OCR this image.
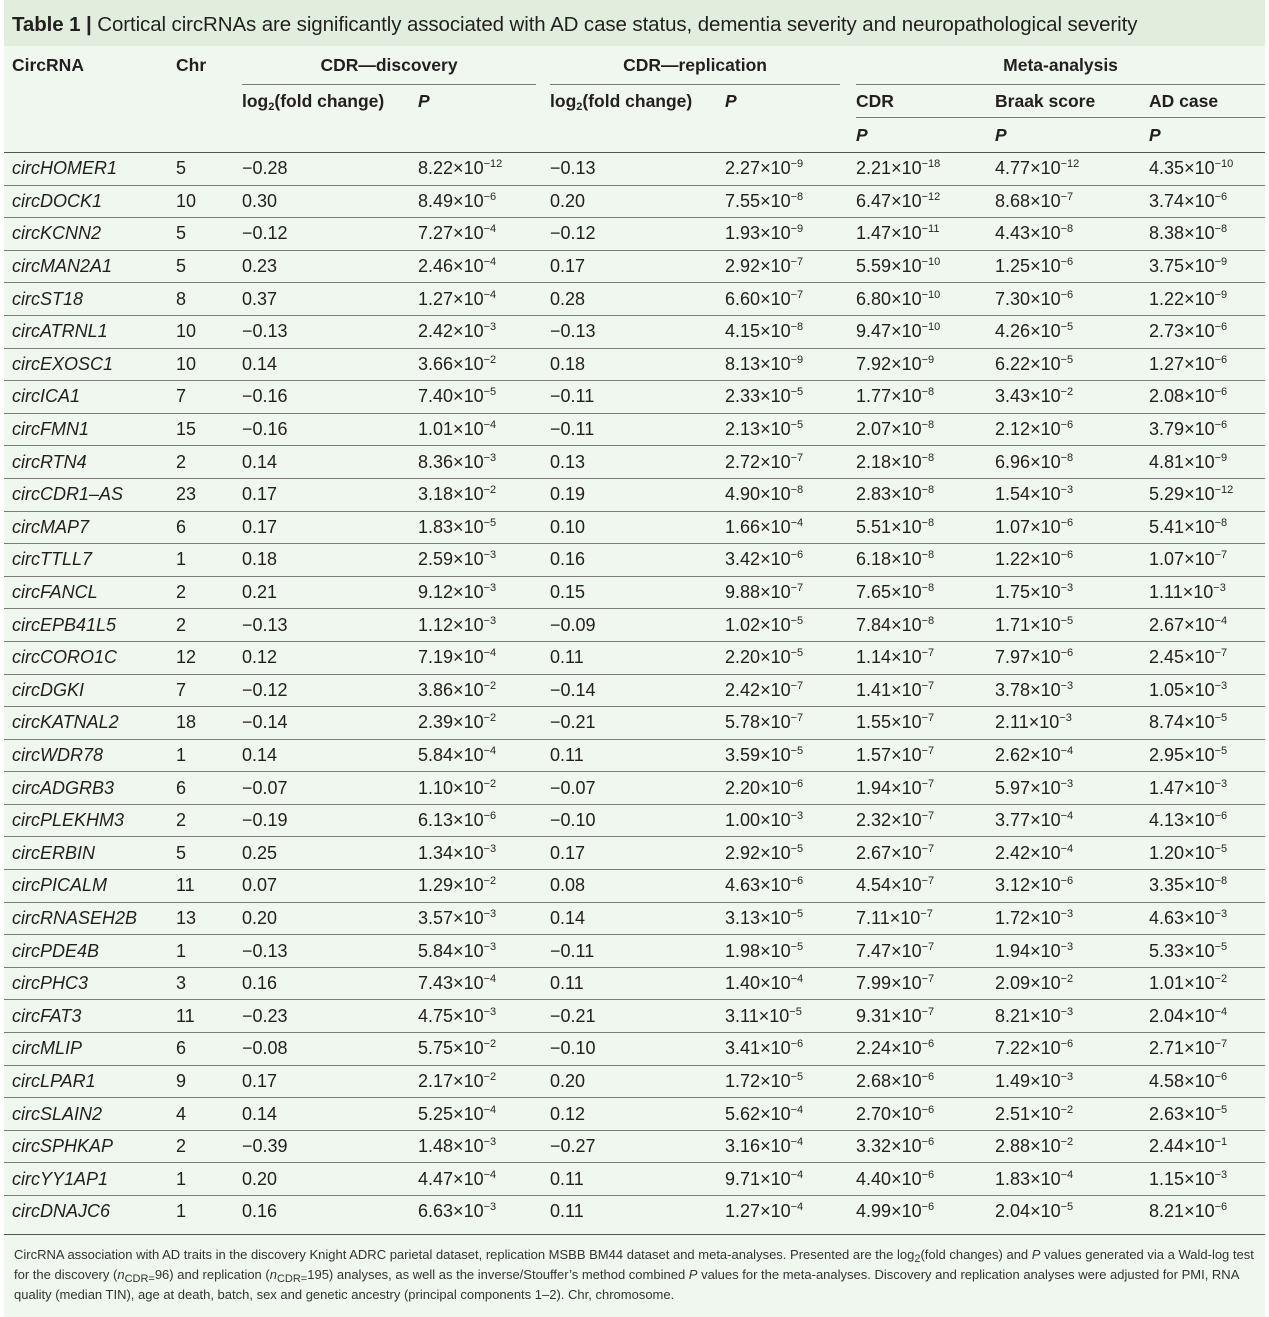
Table 1 | Cortical circRNAs are significantly associated with AD case status, dementia severity and neuropathological severity
CircRNA	Chr	CDR—discovery			CDR—replication			Meta-analysis		
		$\log_2(fold$ change)	P		$\log_2(fold$ change)	P		CDR	Braak score	AD case
								P	P	P
circHOMER1	5	−0.28	$8.22\times 10^{-12}$		−0.13	$2.27\times 10^{-9}$		$2.21\times 10^{-18}$	$4.77\times 10^{-12}$	$4.35\times 10^{-10}$
circDOCK1	10	0.30	$8.49\times 10^{-6}$		0.20	$7.55\times 10^{-8}$		$6.47\times 10^{-12}$	$8.68\times 10^{-7}$	$3.74\times 10^{-6}$
circKCNN2	5	−0.12	$7.27\times 10^{-4}$		−0.12	$1.93\times 10^{-9}$		$1.47\times 10^{-11}$	$4.43\times 10^{-8}$	$8.38\times 10^{-8}$
circMAN2A1	5	0.23	$2.46\times 10^{-4}$		0.17	$2.92\times 10^{-7}$		$5.59\times 10^{-10}$	$1.25\times 10^{-6}$	$3.75\times 10^{-9}$
circST18	8	0.37	$1.27\times 10^{-4}$		0.28	$6.60\times 10^{-7}$		$6.80\times 10^{-10}$	$7.30\times 10^{-6}$	$1.22\times 10^{-9}$
circATRNL1	10	−0.13	$2.42\times 10^{-3}$		−0.13	$4.15\times 10^{-8}$		$9.47\times 10^{-10}$	$4.26\times 10^{-5}$	$2.73\times 10^{-6}$
circEXOSC1	10	0.14	$3.66\times 10^{-2}$		0.18	$8.13\times 10^{-9}$		$7.92\times 10^{-9}$	$6.22\times 10^{-5}$	$1.27\times 10^{-6}$
circICA1	7	−0.16	$7.40\times 10^{-5}$		−0.11	$2.33\times 10^{-5}$		$1.77\times 10^{-8}$	$3.43\times 10^{-2}$	$2.08\times 10^{-6}$
circFMN1	15	−0.16	$1.01\times 10^{-4}$		−0.11	$2.13\times 10^{-5}$		$2.07\times 10^{-8}$	$2.12\times 10^{-6}$	$3.79\times 10^{-6}$
circRTN4	2	0.14	$8.36\times 10^{-3}$		0.13	$2.72\times 10^{-7}$		$2.18\times 10^{-8}$	$6.96\times 10^{-8}$	$4.81\times 10^{-9}$
circCDR1–AS	23	0.17	$3.18\times 10^{-2}$		0.19	$4.90\times 10^{-8}$		$2.83\times 10^{-8}$	$1.54\times 10^{-3}$	$5.29\times 10^{-12}$
circMAP7	6	0.17	$1.83\times 10^{-5}$		0.10	$1.66\times 10^{-4}$		$5.51\times 10^{-8}$	$1.07\times 10^{-6}$	$5.41\times 10^{-8}$
circTTLL7	1	0.18	$2.59\times 10^{-3}$		0.16	$3.42\times 10^{-6}$		$6.18\times 10^{-8}$	$1.22\times 10^{-6}$	$1.07\times 10^{-7}$
circFANCL	2	0.21	$9.12\times 10^{-3}$		0.15	$9.88\times 10^{-7}$		$7.65\times 10^{-8}$	$1.75\times 10^{-3}$	$1.11\times 10^{-3}$
circEPB41L5	2	−0.13	$1.12\times 10^{-3}$		−0.09	$1.02\times 10^{-5}$		$7.84\times 10^{-8}$	$1.71\times 10^{-5}$	$2.67\times 10^{-4}$
circCORO1C	12	0.12	$7.19\times 10^{-4}$		0.11	$2.20\times 10^{-5}$		$1.14\times 10^{-7}$	$7.97\times 10^{-6}$	$2.45\times 10^{-7}$
circDGKI	7	−0.12	$3.86\times 10^{-2}$		−0.14	$2.42\times 10^{-7}$		$1.41\times 10^{-7}$	$3.78\times 10^{-3}$	$1.05\times 10^{-3}$
circKATNAL2	18	−0.14	$2.39\times 10^{-2}$		−0.21	$5.78\times 10^{-7}$		$1.55\times 10^{-7}$	$2.11\times 10^{-3}$	$8.74\times 10^{-5}$
circWDR78	1	0.14	$5.84\times 10^{-4}$		0.11	$3.59\times 10^{-5}$		$1.57\times 10^{-7}$	$2.62\times 10^{-4}$	$2.95\times 10^{-5}$
circADGRB3	6	−0.07	$1.10\times 10^{-2}$		−0.07	$2.20\times 10^{-6}$		$1.94\times 10^{-7}$	$5.97\times 10^{-3}$	$1.47\times 10^{-3}$
circPLEKHM3	2	−0.19	$6.13\times 10^{-6}$		−0.10	$1.00\times 10^{-3}$		$2.32\times 10^{-7}$	$3.77\times 10^{-4}$	$4.13\times 10^{-6}$
circERBIN	5	0.25	$1.34\times 10^{-3}$		0.17	$2.92\times 10^{-5}$		$2.67\times 10^{-7}$	$2.42\times 10^{-4}$	$1.20\times 10^{-5}$
circPICALM	11	0.07	$1.29\times 10^{-2}$		0.08	$4.63\times 10^{-6}$		$4.54\times 10^{-7}$	$3.12\times 10^{-6}$	$3.35\times 10^{-8}$
circRNASEH2B	13	0.20	$3.57\times 10^{-3}$		0.14	$3.13\times 10^{-5}$		$7.11\times 10^{-7}$	$1.72\times 10^{-3}$	$4.63\times 10^{-3}$
circPDE4B	1	−0.13	$5.84\times 10^{-3}$		−0.11	$1.98\times 10^{-5}$		$7.47\times 10^{-7}$	$1.94\times 10^{-3}$	$5.33\times 10^{-5}$
circPHC3	3	0.16	$7.43\times 10^{-4}$		0.11	$1.40\times 10^{-4}$		$7.99\times 10^{-7}$	$2.09\times 10^{-2}$	$1.01\times 10^{-2}$
circFAT3	11	−0.23	$4.75\times 10^{-3}$		−0.21	$3.11\times 10^{-5}$		$9.31\times 10^{-7}$	$8.21\times 10^{-3}$	$2.04\times 10^{-4}$
circMLIP	6	−0.08	$5.75\times 10^{-2}$		−0.10	$3.41\times 10^{-6}$		$2.24\times 10^{-6}$	$7.22\times 10^{-6}$	$2.71\times 10^{-7}$
circLPAR1	9	0.17	$2.17\times 10^{-2}$		0.20	$1.72\times 10^{-5}$		$2.68\times 10^{-6}$	$1.49\times 10^{-3}$	$4.58\times 10^{-6}$
circSLAIN2	4	0.14	$5.25\times 10^{-4}$		0.12	$5.62\times 10^{-4}$		$2.70\times 10^{-6}$	$2.51\times 10^{-2}$	$2.63\times 10^{-5}$
circSPHKAP	2	−0.39	$1.48\times 10^{-3}$		−0.27	$3.16\times 10^{-4}$		$3.32\times 10^{-6}$	$2.88\times 10^{-2}$	$2.44\times 10^{-1}$
circYY1AP1	1	0.20	$4.47\times 10^{-4}$		0.11	$9.71\times 10^{-4}$		$4.40\times 10^{-6}$	$1.83\times 10^{-4}$	$1.15\times 10^{-3}$
circDNAJC6	1	0.16	$6.63\times 10^{-3}$		0.11	$1.27\times 10^{-4}$		$4.99\times 10^{-6}$	$2.04\times 10^{-5}$	$8.21\times 10^{-6}$
CircRNA association with AD traits in the discovery Knight ADRC parietal dataset, replication MSBB BM44 dataset and meta-analyses. Presented are the $\log_2(fold$ changes) and P values generated via a Wald-log test for the discovery $(n_{CDR=}96)$ and replication $(n_{CDR=}195)$ analyses, as well as the inverse/Stouffer’s method combined P values for the meta-analyses. Discovery and replication analyses were adjusted for PMI, RNA quality (median TIN), age at death, batch, sex and genetic ancestry (principal components 1–2). Chr, chromosome.
